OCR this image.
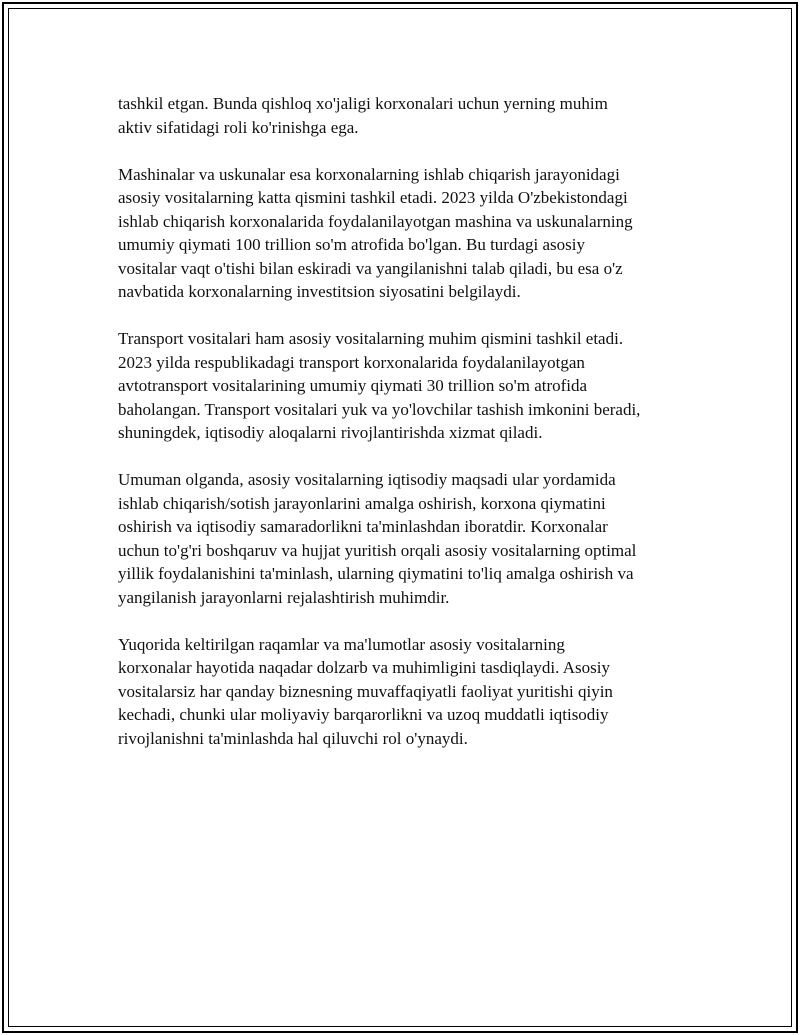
tashkil etgan. Bunda qishloq xo'jaligi korxonalari uchun yerning muhim
aktiv sifatidagi roli ko'rinishga ega.

Mashinalar va uskunalar esa korxonalarning ishlab chiqarish jarayonidagi
asosiy vositalarning katta qismini tashkil etadi. 2023 yilda O'zbekistondagi
ishlab chiqarish korxonalarida foydalanilayotgan mashina va uskunalarning
umumiy qiymati 100 trillion so'm atrofida bo'lgan. Bu turdagi asosiy
vositalar vaqt o'tishi bilan eskiradi va yangilanishni talab qiladi, bu esa o'z
navbatida korxonalarning investitsion siyosatini belgilaydi.

Transport vositalari ham asosiy vositalarning muhim qismini tashkil etadi.
2023 yilda respublikadagi transport korxonalarida foydalanilayotgan
avtotransport vositalarining umumiy qiymati 30 trillion so'm atrofida
baholangan. Transport vositalari yuk va yo'lovchilar tashish imkonini beradi,
shuningdek, iqtisodiy aloqalarni rivojlantirishda xizmat qiladi.

Umuman olganda, asosiy vositalarning iqtisodiy maqsadi ular yordamida
ishlab chiqarish/sotish jarayonlarini amalga oshirish, korxona qiymatini
oshirish va iqtisodiy samaradorlikni ta'minlashdan iboratdir. Korxonalar
uchun to'g'ri boshqaruv va hujjat yuritish orqali asosiy vositalarning optimal
yillik foydalanishini ta'minlash, ularning qiymatini to'liq amalga oshirish va
yangilanish jarayonlarni rejalashtirish muhimdir.

Yuqorida keltirilgan raqamlar va ma'lumotlar asosiy vositalarning
korxonalar hayotida naqadar dolzarb va muhimligini tasdiqlaydi. Asosiy
vositalarsiz har qanday biznesning muvaffaqiyatli faoliyat yuritishi qiyin
kechadi, chunki ular moliyaviy barqarorlikni va uzoq muddatli iqtisodiy
rivojlanishni ta'minlashda hal qiluvchi rol o'ynaydi.
